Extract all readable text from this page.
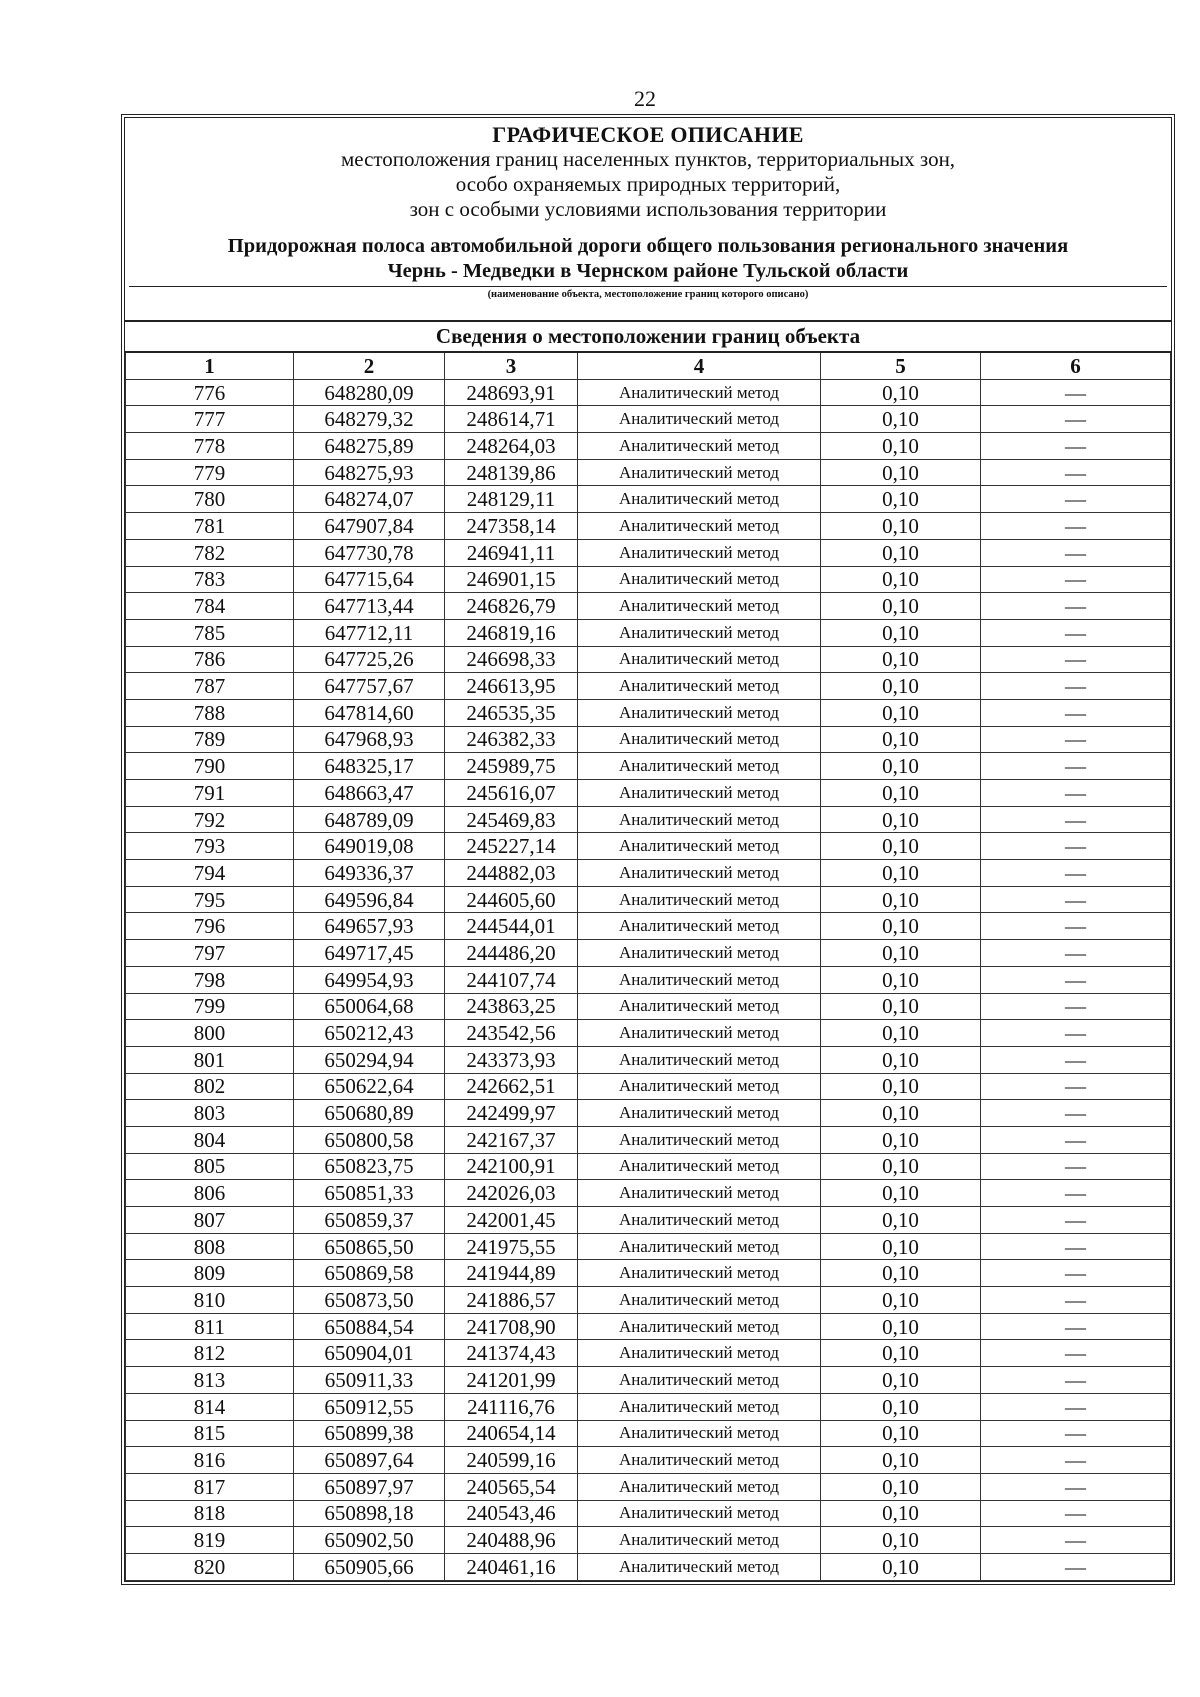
22
ГРАФИЧЕСКОЕ ОПИСАНИЕ
местоположения границ населенных пунктов, территориальных зон,
особо охраняемых природных территорий,
зон с особыми условиями использования территории
Придорожная полоса автомобильной дороги общего пользования регионального значения
Чернь - Медведки в Чернском районе Тульской области
(наименование объекта, местоположение границ которого описано)
Сведения о местоположении границ объекта
1	2	3	4	5	6
776	648280,09	248693,91	Аналитический метод	0,10	—
777	648279,32	248614,71	Аналитический метод	0,10	—
778	648275,89	248264,03	Аналитический метод	0,10	—
779	648275,93	248139,86	Аналитический метод	0,10	—
780	648274,07	248129,11	Аналитический метод	0,10	—
781	647907,84	247358,14	Аналитический метод	0,10	—
782	647730,78	246941,11	Аналитический метод	0,10	—
783	647715,64	246901,15	Аналитический метод	0,10	—
784	647713,44	246826,79	Аналитический метод	0,10	—
785	647712,11	246819,16	Аналитический метод	0,10	—
786	647725,26	246698,33	Аналитический метод	0,10	—
787	647757,67	246613,95	Аналитический метод	0,10	—
788	647814,60	246535,35	Аналитический метод	0,10	—
789	647968,93	246382,33	Аналитический метод	0,10	—
790	648325,17	245989,75	Аналитический метод	0,10	—
791	648663,47	245616,07	Аналитический метод	0,10	—
792	648789,09	245469,83	Аналитический метод	0,10	—
793	649019,08	245227,14	Аналитический метод	0,10	—
794	649336,37	244882,03	Аналитический метод	0,10	—
795	649596,84	244605,60	Аналитический метод	0,10	—
796	649657,93	244544,01	Аналитический метод	0,10	—
797	649717,45	244486,20	Аналитический метод	0,10	—
798	649954,93	244107,74	Аналитический метод	0,10	—
799	650064,68	243863,25	Аналитический метод	0,10	—
800	650212,43	243542,56	Аналитический метод	0,10	—
801	650294,94	243373,93	Аналитический метод	0,10	—
802	650622,64	242662,51	Аналитический метод	0,10	—
803	650680,89	242499,97	Аналитический метод	0,10	—
804	650800,58	242167,37	Аналитический метод	0,10	—
805	650823,75	242100,91	Аналитический метод	0,10	—
806	650851,33	242026,03	Аналитический метод	0,10	—
807	650859,37	242001,45	Аналитический метод	0,10	—
808	650865,50	241975,55	Аналитический метод	0,10	—
809	650869,58	241944,89	Аналитический метод	0,10	—
810	650873,50	241886,57	Аналитический метод	0,10	—
811	650884,54	241708,90	Аналитический метод	0,10	—
812	650904,01	241374,43	Аналитический метод	0,10	—
813	650911,33	241201,99	Аналитический метод	0,10	—
814	650912,55	241116,76	Аналитический метод	0,10	—
815	650899,38	240654,14	Аналитический метод	0,10	—
816	650897,64	240599,16	Аналитический метод	0,10	—
817	650897,97	240565,54	Аналитический метод	0,10	—
818	650898,18	240543,46	Аналитический метод	0,10	—
819	650902,50	240488,96	Аналитический метод	0,10	—
820	650905,66	240461,16	Аналитический метод	0,10	—
